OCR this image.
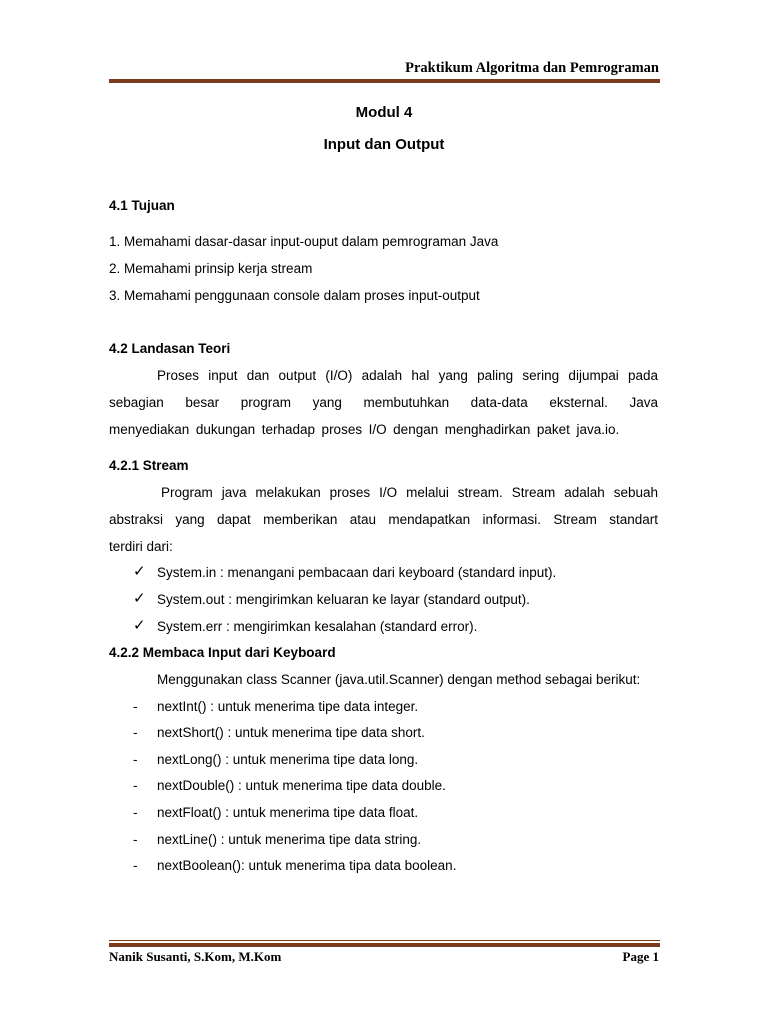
Praktikum Algoritma dan Pemrograman
Modul 4
Input dan Output
4.1 Tujuan
1. Memahami dasar-dasar input-ouput dalam pemrograman Java
2. Memahami prinsip kerja stream
3. Memahami penggunaan console dalam proses input-output
4.2 Landasan Teori
Proses input dan output (I/O) adalah hal yang paling sering dijumpai pada
sebagian besar program yang membutuhkan data-data eksternal. Java
menyediakan dukungan terhadap proses I/O dengan menghadirkan paket java.io.
4.2.1 Stream
Program java melakukan proses I/O melalui stream. Stream adalah sebuah
abstraksi yang dapat memberikan atau mendapatkan informasi. Stream standart
terdiri dari:
✓ System.in : menangani pembacaan dari keyboard (standard input).
✓ System.out : mengirimkan keluaran ke layar (standard output).
✓ System.err : mengirimkan kesalahan (standard error).
4.2.2 Membaca Input dari Keyboard
Menggunakan class Scanner (java.util.Scanner) dengan method sebagai berikut:
- nextInt() : untuk menerima tipe data integer.
- nextShort() : untuk menerima tipe data short.
- nextLong() : untuk menerima tipe data long.
- nextDouble() : untuk menerima tipe data double.
- nextFloat() : untuk menerima tipe data float.
- nextLine() : untuk menerima tipe data string.
- nextBoolean(): untuk menerima tipa data boolean.
Nanik Susanti, S.Kom, M.Kom	Page 1
